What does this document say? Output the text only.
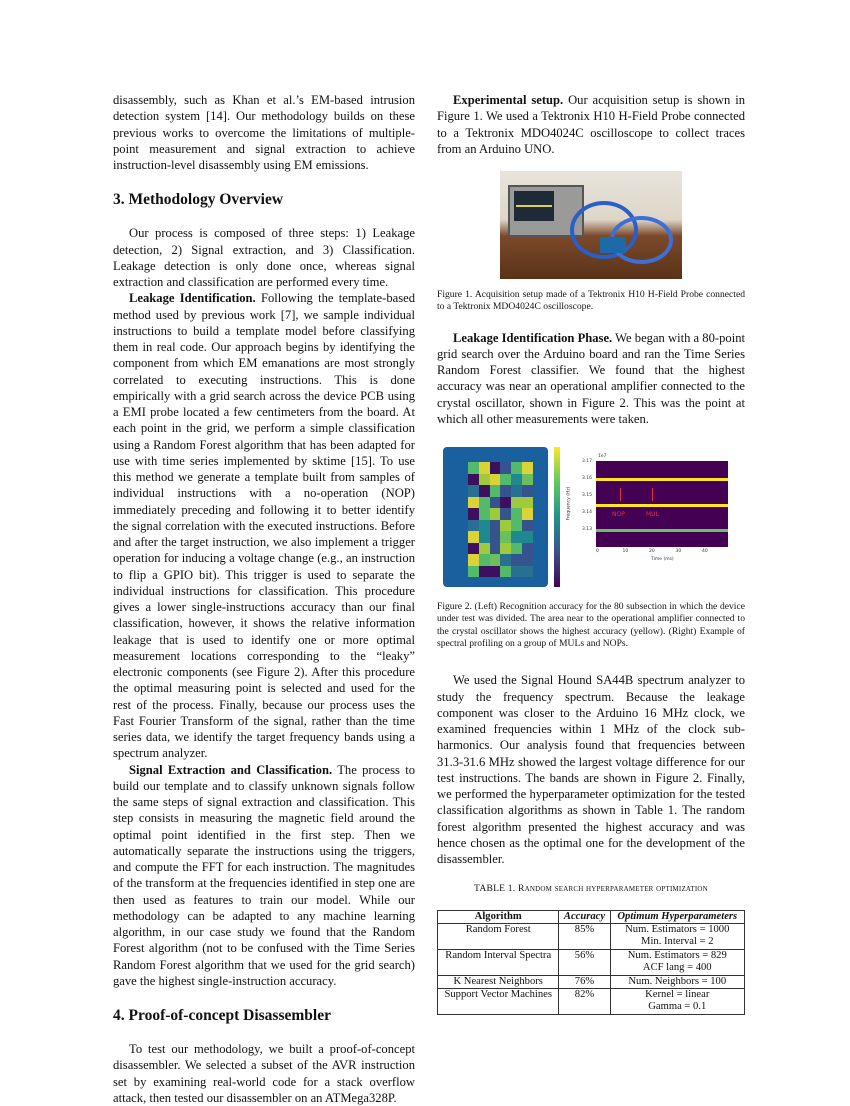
disassembly, such as Khan et al.’s EM-based intrusion detection system [14]. Our methodology builds on these previous works to overcome the limitations of multiple-point measurement and signal extraction to achieve instruction-level disassembly using EM emissions.

3. Methodology Overview

Our process is composed of three steps: 1) Leakage detection, 2) Signal extraction, and 3) Classification. Leakage detection is only done once, whereas signal extraction and classification are performed every time.

Leakage Identification. Following the template-based method used by previous work [7], we sample individual instructions to build a template model before classifying them in real code. Our approach begins by identifying the component from which EM emanations are most strongly correlated to executing instructions. This is done empirically with a grid search across the device PCB using a EMI probe located a few centimeters from the board. At each point in the grid, we perform a simple classification using a Random Forest algorithm that has been adapted for use with time series implemented by sktime [15]. To use this method we generate a template built from samples of individual instructions with a no-operation (NOP) immediately preceding and following it to better identify the signal correlation with the executed instructions. Before and after the target instruction, we also implement a trigger operation for inducing a voltage change (e.g., an instruction to flip a GPIO bit). This trigger is used to separate the individual instructions for classification. This procedure gives a lower single-instructions accuracy than our final classification, however, it shows the relative information leakage that is used to identify one or more optimal measurement locations corresponding to the “leaky” electronic components (see Figure 2). After this procedure the optimal measuring point is selected and used for the rest of the process. Finally, because our process uses the Fast Fourier Transform of the signal, rather than the time series data, we identify the target frequency bands using a spectrum analyzer.

Signal Extraction and Classification. The process to build our template and to classify unknown signals follow the same steps of signal extraction and classification. This step consists in measuring the magnetic field around the optimal point identified in the first step. Then we automatically separate the instructions using the triggers, and compute the FFT for each instruction. The magnitudes of the transform at the frequencies identified in step one are then used as features to train our model. While our methodology can be adapted to any machine learning algorithm, in our case study we found that the Random Forest algorithm (not to be confused with the Time Series Random Forest algorithm that we used for the grid search) gave the highest single-instruction accuracy.

4. Proof-of-concept Disassembler

To test our methodology, we built a proof-of-concept disassembler. We selected a subset of the AVR instruction set by examining real-world code for a stack overflow attack, then tested our disassembler on an ATMega328P.

Experimental setup. Our acquisition setup is shown in Figure 1. We used a Tektronix H10 H-Field Probe connected to a Tektronix MDO4024C oscilloscope to collect traces from an Arduino UNO.

Figure 1. Acquisition setup made of a Tektronix H10 H-Field Probe connected to a Tektronix MDO4024C oscilloscope.

Leakage Identification Phase. We began with a 80-point grid search over the Arduino board and ran the Time Series Random Forest classifier. We found that the highest accuracy was near an operational amplifier connected to the crystal oscillator, shown in Figure 2. This was the point at which all other measurements were taken.

1e7
3.17
3.16
3.15
3.14
3.13
Frequency (Hz)	NOP	MUL
0	10	20	30	40
Time (ms)

Figure 2. (Left) Recognition accuracy for the 80 subsection in which the device under test was divided. The area near to the operational amplifier connected to the crystal oscillator shows the highest accuracy (yellow). (Right) Example of spectral profiling on a group of MULs and NOPs.

We used the Signal Hound SA44B spectrum analyzer to study the frequency spectrum. Because the leakage component was closer to the Arduino 16 MHz clock, we examined frequencies within 1 MHz of the clock sub-harmonics. Our analysis found that frequencies between 31.3-31.6 MHz showed the largest voltage difference for our test instructions. The bands are shown in Figure 2. Finally, we performed the hyperparameter optimization for the tested classification algorithms as shown in Table 1. The random forest algorithm presented the highest accuracy and was hence chosen as the optimal one for the development of the disassembler.

TABLE 1. Random search hyperparameter optimization
Algorithm	Accuracy	Optimum Hyperparameters
Random Forest	85%	Num. Estimators = 1000
Min. Interval = 2

Random Interval Spectra	56%	Num. Estimators = 829
ACF lang = 400

K Nearest Neighbors	76%	Num. Neighbors = 100

Support Vector Machines	82%	Kernel = linear
Gamma = 0.1
